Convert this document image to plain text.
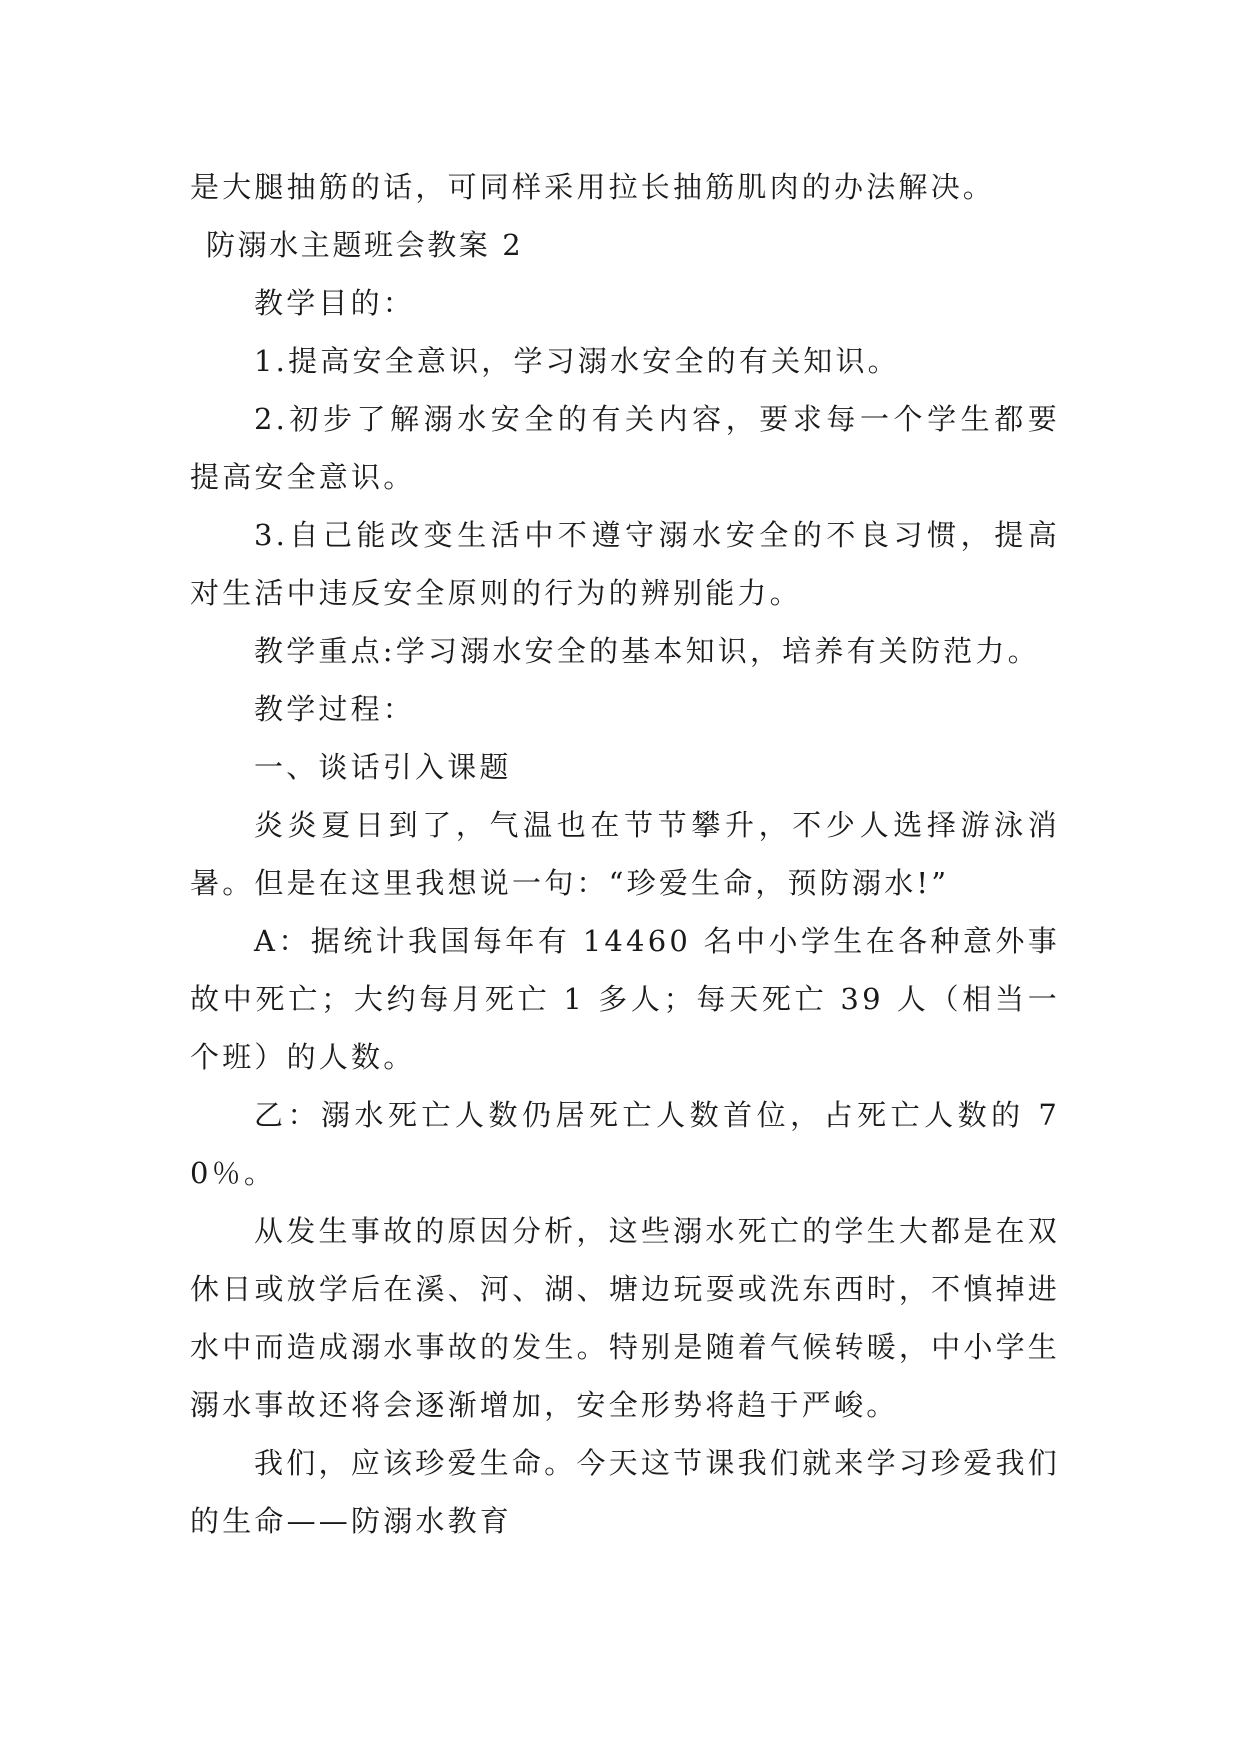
是大腿抽筋的话，可同样采用拉长抽筋肌肉的办法解决。

防溺水主题班会教案 2

教学目的：

1.提高安全意识，学习溺水安全的有关知识。

2.初步了解溺水安全的有关内容，要求每一个学生都要提高安全意识。

3.自己能改变生活中不遵守溺水安全的不良习惯，提高对生活中违反安全原则的行为的辨别能力。

教学重点:学习溺水安全的基本知识，培养有关防范力。

教学过程：

一、谈话引入课题

炎炎夏日到了，气温也在节节攀升，不少人选择游泳消暑。但是在这里我想说一句：“珍爱生命，预防溺水!”

A：据统计我国每年有 14460 名中小学生在各种意外事故中死亡；大约每月死亡 1 多人；每天死亡 39 人（相当一个班）的人数。

乙：溺水死亡人数仍居死亡人数首位，占死亡人数的 70％。

从发生事故的原因分析，这些溺水死亡的学生大都是在双休日或放学后在溪、河、湖、塘边玩耍或洗东西时，不慎掉进水中而造成溺水事故的发生。特别是随着气候转暖，中小学生溺水事故还将会逐渐增加，安全形势将趋于严峻。

我们，应该珍爱生命。今天这节课我们就来学习珍爱我们的生命——防溺水教育
